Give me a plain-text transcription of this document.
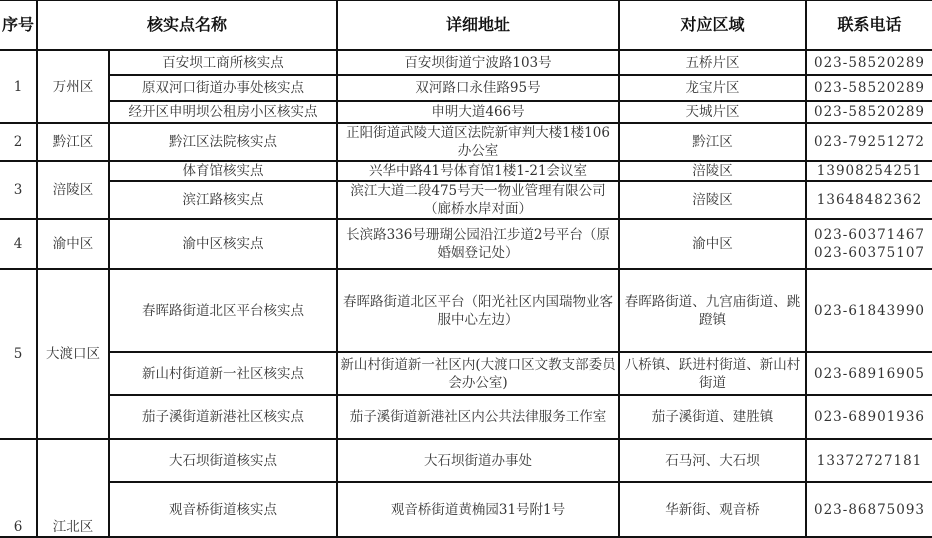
序号	核实点名称		详细地址	对应区域	联系电话
1	万州区	百安坝工商所核实点	百安坝街道宁波路103号	五桥片区	023-58520289
		原双河口街道办事处核实点	双河路口永佳路95号	龙宝片区	023-58520289
		经开区申明坝公租房小区核实点	申明大道466号	天城片区	023-58520289
2	黔江区	黔江区法院核实点	正阳街道武陵大道区法院新审判大楼1楼106办公室	黔江区	023-79251272
3	涪陵区	体育馆核实点	兴华中路41号体育馆1楼1-21会议室	涪陵区	13908254251
		滨江路核实点	滨江大道二段475号天一物业管理有限公司（廊桥水岸对面）	涪陵区	13648482362
4	渝中区	渝中区核实点	长滨路336号珊瑚公园沿江步道2号平台（原婚姻登记处）	渝中区	023-60371467 023-60375107
5	大渡口区	春晖路街道北区平台核实点	春晖路街道北区平台（阳光社区内国瑞物业客服中心左边）	春晖路街道、九宫庙街道、跳蹬镇	023-61843990
		新山村街道新一社区核实点	新山村街道新一社区内(大渡口区文教支部委员会办公室)	八桥镇、跃进村街道、新山村街道	023-68916905
		茄子溪街道新港社区核实点	茄子溪街道新港社区内公共法律服务工作室	茄子溪街道、建胜镇	023-68901936
6	江北区	大石坝街道核实点	大石坝街道办事处	石马河、大石坝	13372727181
		观音桥街道核实点	观音桥街道黄桷园31号附1号	华新街、观音桥	023-86875093
